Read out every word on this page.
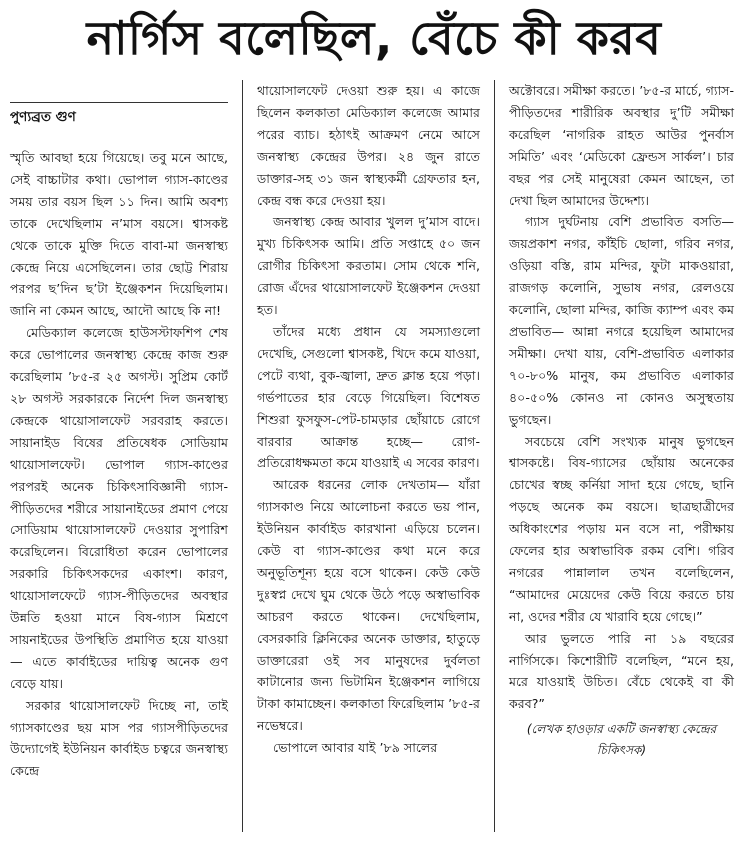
নার্গিস বলেছিল, বেঁচে কী করব
পুণ্যব্রত গুণ

স্মৃতি আবছা হয়ে গিয়েছে। তবু মনে আছে, সেই বাচ্চাটার কথা। ভোপাল গ্যাস-কাণ্ডের সময় তার বয়স ছিল ১১ দিন। আমি অবশ্য তাকে দেখেছিলাম ন’মাস বয়সে। শ্বাসকষ্ট থেকে তাকে মুক্তি দিতে বাবা-মা জনস্বাস্থ্য কেন্দ্রে নিয়ে এসেছিলেন। তার ছোট্ট শিরায় পরপর ছ’দিন ছ’টা ইঞ্জেকশন দিয়েছিলাম। জানি না কেমন আছে, আদৌ আছে কি না!

মেডিক্যাল কলেজে হাউসস্টাফশিপ শেষ করে ভোপালের জনস্বাস্থ্য কেন্দ্রে কাজ শুরু করেছিলাম ’৮৫-র ২৫ অগস্ট। সুপ্রিম কোর্ট ২৮ অগস্ট সরকারকে নির্দেশ দিল জনস্বাস্থ্য কেন্দ্রকে থায়োসালফেট সরবরাহ করতে। সায়ানাইড বিষের প্রতিষেধক সোডিয়াম থায়োসালফেট। ভোপাল গ্যাস-কাণ্ডের পরপরই অনেক চিকিৎসাবিজ্ঞানী গ্যাস-পীড়িতদের শরীরে সায়ানাইডের প্রমাণ পেয়ে সোডিয়াম থায়োসালফেট দেওয়ার সুপারিশ করেছিলেন। বিরোধিতা করেন ভোপালের সরকারি চিকিৎসকদের একাংশ। কারণ, থায়োসালফেটে গ্যাস-পীড়িতদের অবস্থার উন্নতি হওয়া মানে বিষ-গ্যাস মিশ্রণে সায়নাইডের উপস্থিতি প্রমাণিত হয়ে যাওয়া— এতে কার্বাইডের দায়িত্ব অনেক গুণ বেড়ে যায়।

সরকার থায়োসালফেট দিচ্ছে না, তাই গ্যাসকাণ্ডের ছয় মাস পর গ্যাসপীড়িতদের উদ্যোগেই ইউনিয়ন কার্বাইড চত্বরে জনস্বাস্থ্য কেন্দ্রে

থায়োসালফেট দেওয়া শুরু হয়। এ কাজে ছিলেন কলকাতা মেডিক্যাল কলেজে আমার পরের ব্যাচ। হঠাৎই আক্রমণ নেমে আসে জনস্বাস্থ্য কেন্দ্রের উপর। ২৪ জুন রাতে ডাক্তার-সহ ৩১ জন স্বাস্থ্যকর্মী গ্রেফতার হন, কেন্দ্র বন্ধ করে দেওয়া হয়।

জনস্বাস্থ্য কেন্দ্র আবার খুলল দু’মাস বাদে। মুখ্য চিকিৎসক আমি। প্রতি সপ্তাহে ৫০ জন রোগীর চিকিৎসা করতাম। সোম থেকে শনি, রোজ এঁদের থায়োসালফেট ইঞ্জেকশন দেওয়া হত।

তাঁদের মধ্যে প্রধান যে সমস্যাগুলো দেখেছি, সেগুলো শ্বাসকষ্ট, খিদে কমে যাওয়া, পেটে ব্যথা, বুক-জ্বালা, দ্রুত ক্লান্ত হয়ে পড়া। গর্ভপাতের হার বেড়ে গিয়েছিল। বিশেষত শিশুরা ফুসফুস-পেট-চামড়ার ছোঁয়াচে রোগে বারবার আক্রান্ত হচ্ছে— রোগ-প্রতিরোধক্ষমতা কমে যাওয়াই এ সবের কারণ।

আরেক ধরনের লোক দেখতাম— যাঁরা গ্যাসকাণ্ড নিয়ে আলোচনা করতে ভয় পান, ইউনিয়ন কার্বাইড কারখানা এড়িয়ে চলেন। কেউ বা গ্যাস-কাণ্ডের কথা মনে করে অনুভূতিশূন্য হয়ে বসে থাকেন। কেউ কেউ দুঃস্বপ্ন দেখে ঘুম থেকে উঠে পড়ে অস্বাভাবিক আচরণ করতে থাকেন। দেখেছিলাম, বেসরকারি ক্লিনিকের অনেক ডাক্তার, হাতুড়ে ডাক্তারেরা ওই সব মানুষদের দুর্বলতা কাটানোর জন্য ভিটামিন ইঞ্জেকশন লাগিয়ে টাকা কামাচ্ছেন। কলকাতা ফিরেছিলাম ’৮৫-র নভেম্বরে।

ভোপালে আবার যাই ’৮৯ সালের

অক্টোবরে। সমীক্ষা করতে। ’৮৫-র মার্চে, গ্যাস-পীড়িতদের শারীরিক অবস্থার দু’টি সমীক্ষা করেছিল ‘নাগরিক রাহত আউর পুনর্বাস সমিতি’ এবং ‘মেডিকো ফ্রেন্ডস সার্কল’। চার বছর পর সেই মানুষেরা কেমন আছেন, তা দেখা ছিল আমাদের উদ্দেশ্য।

গ্যাস দুর্ঘটনায় বেশি প্রভাবিত বসতি— জয়প্রকাশ নগর, কাঁইচি ছোলা, গরিব নগর, ওড়িয়া বস্তি, রাম মন্দির, ফুটা মাকওয়ারা, রাজগড় কলোনি, সুভাষ নগর, রেলওয়ে কলোনি, ছোলা মন্দির, কাজি ক্যাম্প এবং কম প্রভাবিত— আন্না নগরে হয়েছিল আমাদের সমীক্ষা। দেখা যায়, বেশি-প্রভাবিত এলাকার ৭০-৮০% মানুষ, কম প্রভাবিত এলাকার ৪০-৫০% কোনও না কোনও অসুস্থতায় ভুগছেন।

সবচেয়ে বেশি সংখ্যক মানুষ ভুগছেন শ্বাসকষ্টে। বিষ-গ্যাসের ছোঁয়ায় অনেকের চোখের স্বচ্ছ কর্নিয়া সাদা হয়ে গেছে, ছানি পড়ছে অনেক কম বয়সে। ছাত্রছাত্রীদের অধিকাংশের পড়ায় মন বসে না, পরীক্ষায় ফেলের হার অস্বাভাবিক রকম বেশি। গরিব নগরের পান্নালাল তখন বলেছিলেন, “আমাদের মেয়েদের কেউ বিয়ে করতে চায় না, ওদের শরীর যে খারাবি হয়ে গেছে।”

আর ভুলতে পারি না ১৯ বছরের নার্গিসকে। কিশোরীটি বলেছিল, “মনে হয়, মরে যাওয়াই উচিত। বেঁচে থেকেই বা কী করব?”

(লেখক হাওড়ার একটি জনস্বাস্থ্য কেন্দ্রের চিকিৎসক)
